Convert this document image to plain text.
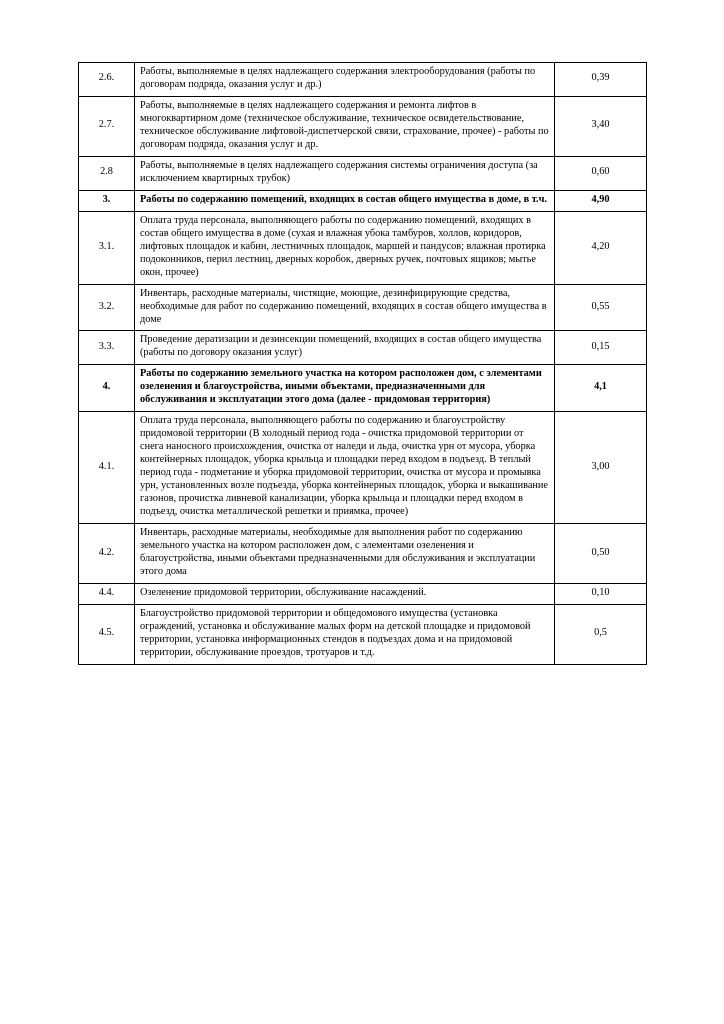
2.6.	Работы, выполняемые в целях надлежащего содержания электрооборудования (работы по договорам подряда, оказания услуг и др.)	0,39
2.7.	Работы, выполняемые в целях надлежащего содержания и ремонта лифтов в многоквартирном доме (техническое обслуживание, техническое освидетельствование, техническое обслуживание лифтовой-диспетчерской связи, страхование, прочее) - работы по договорам подряда, оказания услуг и др.	3,40
2.8	Работы, выполняемые в целях надлежащего содержания системы ограничения доступа (за исключением квартирных трубок)	0,60
3.	Работы по содержанию помещений, входящих в состав общего имущества в доме, в т.ч.	4,90
3.1.	Оплата труда персонала, выполняющего работы по содержанию помещений, входящих в состав общего имущества в доме (сухая и влажная убока тамбуров, холлов, коридоров, лифтовых площадок и кабин, лестничных площадок, маршей и пандусов; влажная протирка подоконников, перил лестниц, дверных коробок, дверных ручек, почтовых ящиков; мытье окон, прочее)	4,20
3.2.	Инвентарь, расходные материалы, чистящие, моющие, дезинфицирующие средства, необходимые для работ по содержанию помещений, входящих в состав общего имущества в доме	0,55
3.3.	Проведение дератизации и дезинсекции помещений, входящих в состав общего имущества (работы по договору оказания услуг)	0,15
4.	Работы по содержанию земельного участка на котором расположен дом, с элементами озеленения и благоустройства, иными объектами, предназначенными для обслуживания и эксплуатации этого дома (далее - придомовая территория)	4,1
4.1.	Оплата труда персонала, выполняющего работы по содержанию и благоустройству придомовой территории (В холодный период года - очистка придомовой территории от снега наносного происхождения, очистка от наледи и льда, очистка урн от мусора, уборка контейнерных площадок, уборка крыльца и площадки перед входом в подъезд. В теплый период года - подметание и уборка придомовой территории, очистка от мусора и промывка урн, установленных возле подъезда, уборка контейнерных площадок, уборка и выкашивание газонов, прочистка ливневой канализации, уборка крыльца и площадки перед входом в подъезд, очистка металлической решетки и приямка, прочее)	3,00
4.2.	Инвентарь, расходные материалы, необходимые для выполнения работ по содержанию земельного участка на котором расположен дом, с элементами озеленения и благоустройства, иными объектами предназначенными для обслуживания и эксплуатации этого дома	0,50
4.4.	Озеленение придомовой территории, обслуживание насаждений.	0,10
4.5.	Благоустройство придомовой территории и общедомового имущества (установка ограждений, установка и обслуживание малых форм на детской площадке и придомовой территории, установка информационных стендов в подъездах дома и на придомовой территории, обслуживание проездов, тротуаров и т.д.	0,5
